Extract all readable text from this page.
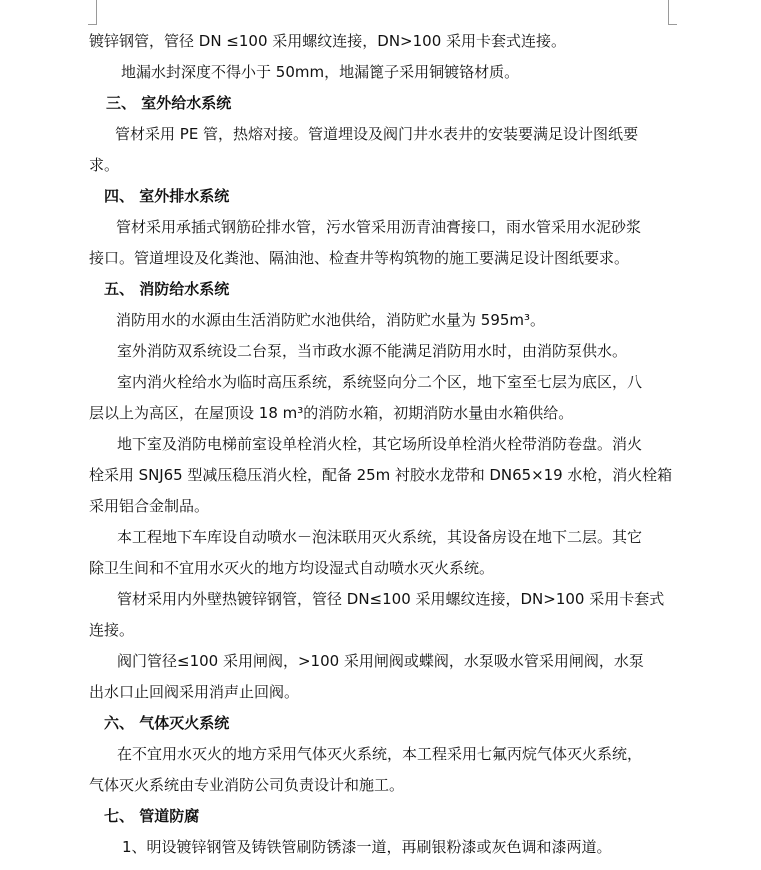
镀锌钢管，管径 DN ≤100 采用螺纹连接，DN>100 采用卡套式连接。
地漏水封深度不得小于 50mm，地漏篦子采用铜镀铬材质。
三、 室外给水系统
管材采用 PE 管，热熔对接。管道埋设及阀门井水表井的安装要满足设计图纸要
求。
四、 室外排水系统
管材采用承插式钢筋砼排水管，污水管采用沥青油膏接口，雨水管采用水泥砂浆
接口。管道埋设及化粪池、隔油池、检查井等构筑物的施工要满足设计图纸要求。
五、 消防给水系统
消防用水的水源由生活消防贮水池供给，消防贮水量为 595m³。
室外消防双系统设二台泵，当市政水源不能满足消防用水时，由消防泵供水。
室内消火栓给水为临时高压系统，系统竖向分二个区，地下室至七层为底区，八
层以上为高区，在屋顶设 18 m³的消防水箱，初期消防水量由水箱供给。
地下室及消防电梯前室设单栓消火栓，其它场所设单栓消火栓带消防卷盘。消火
栓采用 SNJ65 型减压稳压消火栓，配备 25m 衬胶水龙带和 DN65×19 水枪，消火栓箱
采用铝合金制品。
本工程地下车库设自动喷水－泡沫联用灭火系统，其设备房设在地下二层。其它
除卫生间和不宜用水灭火的地方均设湿式自动喷水灭火系统。
管材采用内外壁热镀锌钢管，管径 DN≤100 采用螺纹连接，DN>100 采用卡套式
连接。
阀门管径≤100 采用闸阀，>100 采用闸阀或蝶阀，水泵吸水管采用闸阀，水泵
出水口止回阀采用消声止回阀。
六、 气体灭火系统
在不宜用水灭火的地方采用气体灭火系统，本工程采用七氟丙烷气体灭火系统，
气体灭火系统由专业消防公司负责设计和施工。
七、 管道防腐
1、明设镀锌钢管及铸铁管刷防锈漆一道，再刷银粉漆或灰色调和漆两道。
